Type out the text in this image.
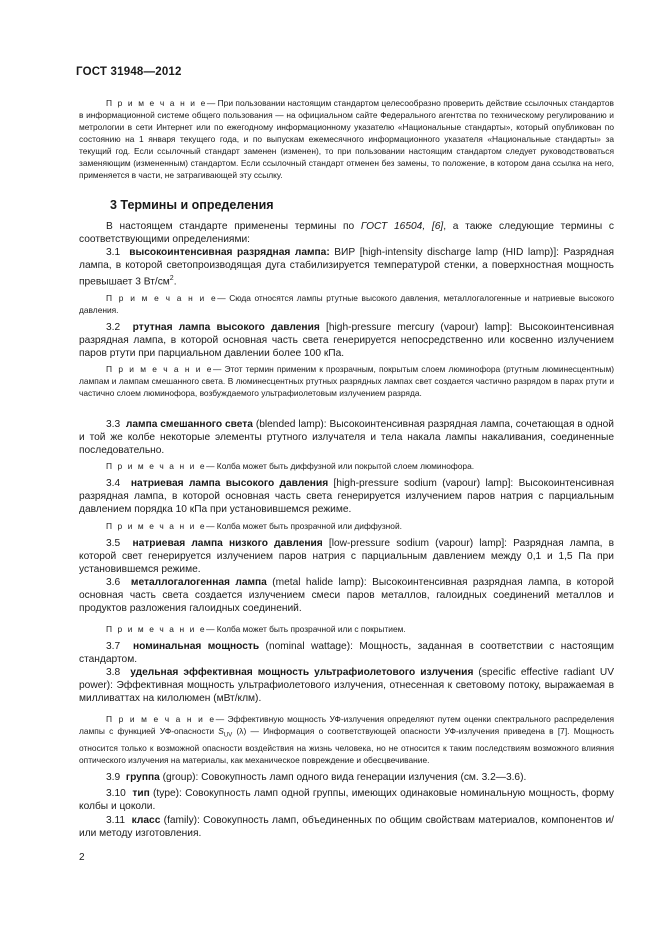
ГОСТ 31948—2012

П р и м е ч а н и е— При пользовании настоящим стандартом целесообразно проверить действие ссылочных стандартов в информационной системе общего пользования — на официальном сайте Федерального агентства по техническому регулированию и метрологии в сети Интернет или по ежегодному информационному указателю «Национальные стандарты», который опубликован по состоянию на 1 января текущего года, и по выпускам ежемесячного информационного указателя «Национальные стандарты» за текущий год. Если ссылочный стандарт заменен (изменен), то при пользовании настоящим стандартом следует руководствоваться заменяющим (измененным) стандартом. Если ссылочный стандарт отменен без замены, то положение, в котором дана ссылка на него, применяется в части, не затрагивающей эту ссылку.

3 Термины и определения

В настоящем стандарте применены термины по ГОСТ 16504, [6], а также следующие термины с соответствующими определениями:

3.1 высокоинтенсивная разрядная лампа: ВИР [high-intensity discharge lamp (HID lamp)]: Разрядная лампа, в которой светопроизводящая дуга стабилизируется температурой стенки, а поверхностная мощность превышает 3 $Вт/см^2$.

П р и м е ч а н и е— Сюда относятся лампы ртутные высокого давления, металлогалогенные и натриевые высокого давления.

3.2 ртутная лампа высокого давления [high-pressure mercury (vapour) lamp]: Высокоинтенсивная разрядная лампа, в которой основная часть света генерируется непосредственно или косвенно излучением паров ртути при парциальном давлении более 100 кПа.

П р и м е ч а н и е— Этот термин применим к прозрачным, покрытым слоем люминофора (ртутным люминесцентным) лампам и лампам смешанного света. В люминесцентных ртутных разрядных лампах свет создается частично разрядом в парах ртути и частично слоем люминофора, возбуждаемого ультрафиолетовым излучением разряда.

3.3 лампа смешанного света (blended lamp): Высокоинтенсивная разрядная лампа, сочетающая в одной и той же колбе некоторые элементы ртутного излучателя и тела накала лампы накаливания, соединенные последовательно.

П р и м е ч а н и е— Колба может быть диффузной или покрытой слоем люминофора.

3.4 натриевая лампа высокого давления [high-pressure sodium (vapour) lamp]: Высокоинтенсивная разрядная лампа, в которой основная часть света генерируется излучением паров натрия с парциальным давлением порядка 10 кПа при установившемся режиме.

П р и м е ч а н и е— Колба может быть прозрачной или диффузной.

3.5 натриевая лампа низкого давления [low-pressure sodium (vapour) lamp]: Разрядная лампа, в которой свет генерируется излучением паров натрия с парциальным давлением между 0,1 и 1,5 Па при установившемся режиме.

3.6 металлогалогенная лампа (metal halide lamp): Высокоинтенсивная разрядная лампа, в которой основная часть света создается излучением смеси паров металлов, галоидных соединений металлов и продуктов разложения галоидных соединений.

П р и м е ч а н и е— Колба может быть прозрачной или с покрытием.

3.7 номинальная мощность (nominal wattage): Мощность, заданная в соответствии с настоящим стандартом.

3.8 удельная эффективная мощность ультрафиолетового излучения (specific effective radiant UV power): Эффективная мощность ультрафиолетового излучения, отнесенная к световому потоку, выражаемая в милливаттах на килолюмен (мВт/клм).

П р и м е ч а н и е— Эффективную мощность УФ-излучения определяют путем оценки спектрального распределения лампы с функцией УФ-опасности $S_{UV}$ (λ) — Информация о соответствующей опасности УФ-излучения приведена в [7]. Мощность относится только к возможной опасности воздействия на жизнь человека, но не относится к таким последствиям возможного влияния оптического излучения на материалы, как механическое повреждение и обесцвечивание.

3.9 группа (group): Совокупность ламп одного вида генерации излучения (см. 3.2—3.6).

3.10 тип (type): Совокупность ламп одной группы, имеющих одинаковые номинальную мощность, форму колбы и цоколи.

3.11 класс (family): Совокупность ламп, объединенных по общим свойствам материалов, компонентов и/или методу изготовления.

2
